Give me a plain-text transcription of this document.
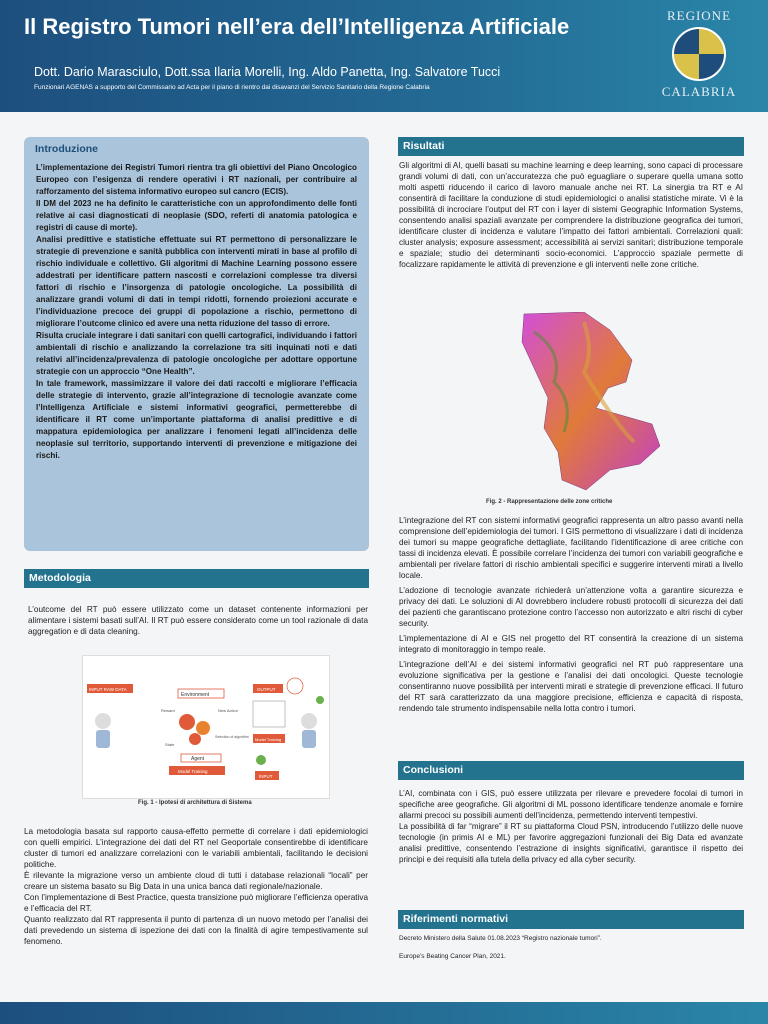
Il Registro Tumori nell’era dell’Intelligenza Artificiale
Dott. Dario Marasciulo, Dott.ssa Ilaria Morelli, Ing. Aldo Panetta, Ing. Salvatore Tucci
Funzionari AGENAS a supporto del Commissario ad Acta per il piano di rientro dai disavanzi del Servizio Sanitario della Regione Calabria
REGIONE
CALABRIA
Introduzione

L’implementazione dei Registri Tumori rientra tra gli obiettivi del Piano Oncologico Europeo con l’esigenza di rendere operativi i RT nazionali, per contribuire al rafforzamento del sistema informativo europeo sul cancro (ECIS).

Il DM del 2023 ne ha definito le caratteristiche con un approfondimento delle fonti relative ai casi diagnosticati di neoplasie (SDO, referti di anatomia patologica e registri di cause di morte).

Analisi predittive e statistiche effettuate sui RT permettono di personalizzare le strategie di prevenzione e sanità pubblica con interventi mirati in base al profilo di rischio individuale e collettivo. Gli algoritmi di Machine Learning possono essere addestrati per identificare pattern nascosti e correlazioni complesse tra diversi fattori di rischio e l’insorgenza di patologie oncologiche. La possibilità di analizzare grandi volumi di dati in tempi ridotti, fornendo proiezioni accurate e l’individuazione precoce dei gruppi di popolazione a rischio, permettono di migliorare l’outcome clinico ed avere una netta riduzione del tasso di errore.

Risulta cruciale integrare i dati sanitari con quelli cartografici, individuando i fattori ambientali di rischio e analizzando la correlazione tra siti inquinati noti e dati relativi all’incidenza/prevalenza di patologie oncologiche per adottare opportune strategie con un approccio “One Health”.

In tale framework, massimizzare il valore dei dati raccolti e migliorare l’efficacia delle strategie di intervento, grazie all’integrazione di tecnologie avanzate come l’Intelligenza Artificiale e sistemi informativi geografici, permetterebbe di identificare il RT come un’importante piattaforma di analisi predittive e di mappatura epidemiologica per analizzare i fenomeni legati all’incidenza delle neoplasie sul territorio, supportando interventi di prevenzione e mitigazione dei rischi.

Metodologia

L’outcome del RT può essere utilizzato come un dataset contenente informazioni per alimentare i sistemi basati sull’AI. Il RT può essere considerato come un tool razionale di data aggregation e di data cleaning.

INPUT RAW DATA
Environment
Reward	New Action
State
Selection of algorithm
Agent
Model Training
OUTPUT
Model Training
INPUT
Fig. 1 - Ipotesi di architettura di Sistema

La metodologia basata sul rapporto causa-effetto permette di correlare i dati epidemiologici con quelli empirici. L’integrazione dei dati del RT nel Geoportale consentirebbe di identificare cluster di tumori ed analizzare correlazioni con le variabili ambientali, facilitando le decisioni politiche.

È rilevante la migrazione verso un ambiente cloud di tutti i database relazionali “locali” per creare un sistema basato su Big Data in una unica banca dati regionale/nazionale.

Con l’implementazione di Best Practice, questa transizione può migliorare l’efficienza operativa e l’efficacia del RT.

Quanto realizzato dal RT rappresenta il punto di partenza di un nuovo metodo per l’analisi dei dati prevedendo un sistema di ispezione dei dati con la finalità di agire tempestivamente sul fenomeno.

Risultati

Gli algoritmi di AI, quelli basati su machine learning e deep learning, sono capaci di processare grandi volumi di dati, con un’accuratezza che può eguagliare o superare quella umana sotto molti aspetti riducendo il carico di lavoro manuale anche nei RT. La sinergia tra RT e AI consentirà di facilitare la conduzione di studi epidemiologici o analisi statistiche mirate. Vi è la possibilità di incrociare l’output del RT con i layer di sistemi Geographic Information Systems, consentendo analisi spaziali avanzate per comprendere la distribuzione geografica dei tumori, identificare cluster di incidenza e valutare l’impatto dei fattori ambientali. Correlazioni quali: cluster analysis; exposure assessment; accessibilità ai servizi sanitari; distribuzione temporale e spaziale; studio dei determinanti socio-economici. L’approccio spaziale permette di focalizzare rapidamente le attività di prevenzione e gli interventi nelle zone critiche.

Fig. 2 - Rappresentazione delle zone critiche

L’integrazione del RT con sistemi informativi geografici rappresenta un altro passo avanti nella comprensione dell’epidemiologia dei tumori. I GIS permettono di visualizzare i dati di incidenza dei tumori su mappe geografiche dettagliate, facilitando l’identificazione di aree critiche con tassi di incidenza elevati. È possibile correlare l’incidenza dei tumori con variabili geografiche e ambientali per rivelare fattori di rischio ambientali specifici e suggerire interventi mirati a livello locale.

L’adozione di tecnologie avanzate richiederà un’attenzione volta a garantire sicurezza e privacy dei dati. Le soluzioni di AI dovrebbero includere robusti protocolli di sicurezza dei dati dei pazienti che garantiscano protezione contro l’accesso non autorizzato e altri rischi di cyber security.

L’implementazione di AI e GIS nel progetto del RT consentirà la creazione di un sistema integrato di monitoraggio in tempo reale.

L’integrazione dell’AI e dei sistemi informativi geografici nel RT può rappresentare una evoluzione significativa per la gestione e l’analisi dei dati oncologici. Queste tecnologie consentiranno nuove possibilità per interventi mirati e strategie di prevenzione efficaci. Il futuro del RT sarà caratterizzato da una maggiore precisione, efficienza e capacità di risposta, rendendo tale strumento indispensabile nella lotta contro i tumori.

Conclusioni

L’AI, combinata con i GIS, può essere utilizzata per rilevare e prevedere focolai di tumori in specifiche aree geografiche. Gli algoritmi di ML possono identificare tendenze anomale e fornire allarmi precoci su possibili aumenti dell’incidenza, permettendo interventi tempestivi.

La possibilità di far “migrare” il RT su piattaforma Cloud PSN, introducendo l’utilizzo delle nuove tecnologie (in primis AI e ML) per favorire aggregazioni funzionali dei Big Data ed avanzate analisi predittive, consentendo l’estrazione di insights significativi, garantisce il rispetto dei principi e dei requisiti alla tutela della privacy ed alla cyber security.

Riferimenti normativi

Decreto Ministero della Salute 01.08.2023 “Registro nazionale tumori”.

Europe’s Beating Cancer Plan, 2021.
